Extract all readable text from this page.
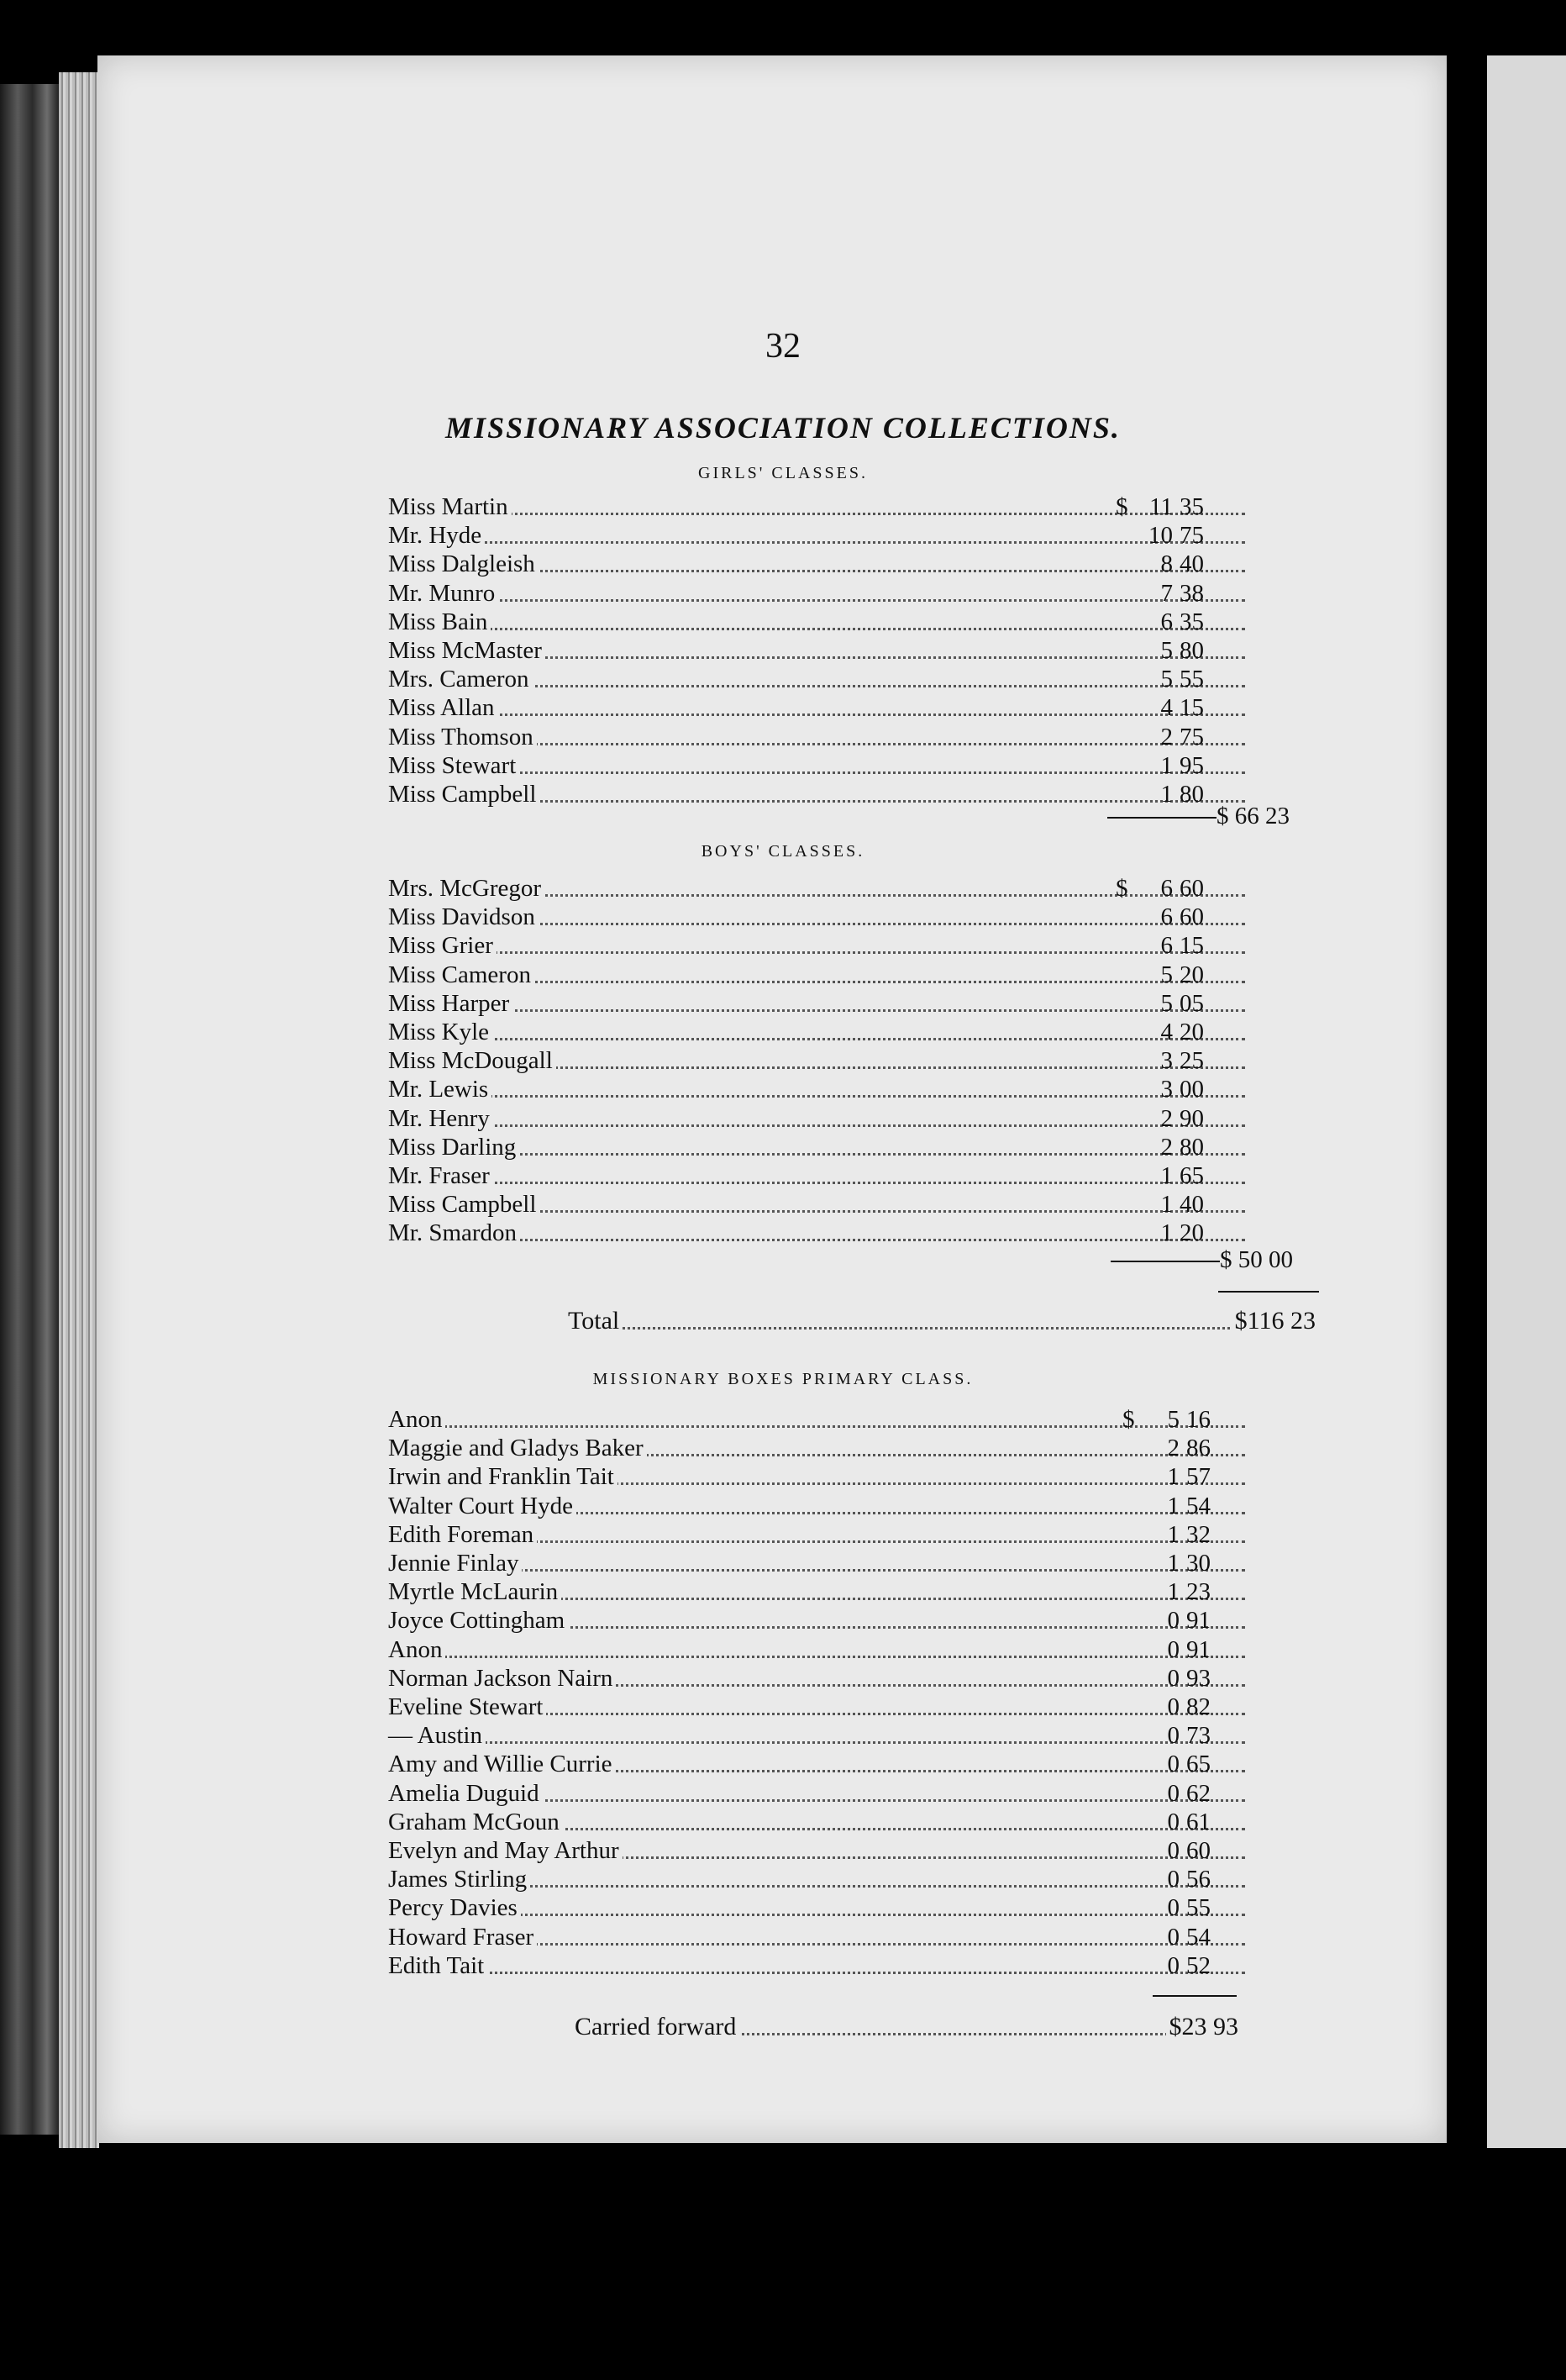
32
MISSIONARY ASSOCIATION COLLECTIONS.
GIRLS' CLASSES.
Miss Martin	$ 11 35
Mr. Hyde	10 75
Miss Dalgleish	8 40
Mr. Munro	7 38
Miss Bain	6 35
Miss McMaster	5 80
Mrs. Cameron	5 55
Miss Allan	4 15
Miss Thomson	2 75
Miss Stewart	1 95
Miss Campbell	1 80
$ 66 23
BOYS' CLASSES.
Mrs. McGregor	$	6 60
Miss Davidson	6 60
Miss Grier	6 15
Miss Cameron	5 20
Miss Harper	5 05
Miss Kyle	4 20
Miss McDougall	3 25
Mr. Lewis	3 00
Mr. Henry	2 90
Miss Darling	2 80
Mr. Fraser	1 65
Miss Campbell	1 40
Mr. Smardon	1 20
$ 50 00
Total	$116 23
MISSIONARY BOXES PRIMARY CLASS.
Anon	$	5 16
Maggie and Gladys Baker	2 86
Irwin and Franklin Tait	1 57
Walter Court Hyde	1 54
Edith Foreman	1 32
Jennie Finlay	1 30
Myrtle McLaurin	1 23
Joyce Cottingham	0 91
Anon	0 91
Norman Jackson Nairn	0 93
Eveline Stewart	0 82
— Austin	0 73
Amy and Willie Currie	0 65
Amelia Duguid	0 62
Graham McGoun	0 61
Evelyn and May Arthur	0 60
James Stirling	0 56
Percy Davies	0 55
Howard Fraser	0 54
Edith Tait	0 52
Carried forward	$23 93
